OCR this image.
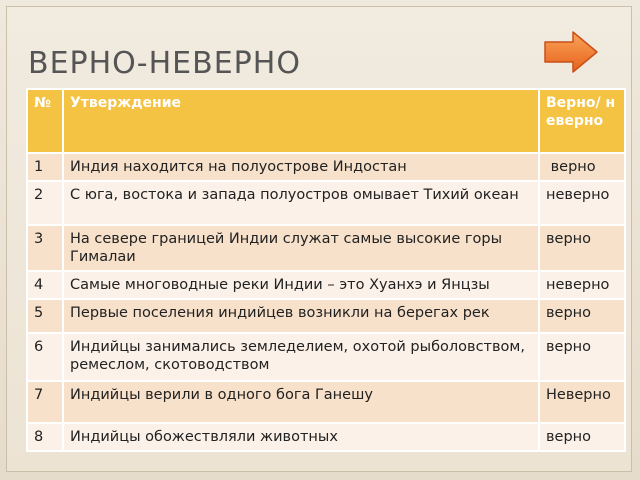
ВЕРНО-НЕВЕРНО
№	Утверждение	Верно/ неверно
1	Индия находится на полуострове Индостан	верно
2	С юга, востока и запада полуостров омывает Тихий океан	неверно
3	На севере границей Индии служат самые высокие горы Гималаи	верно
4	Самые многоводные реки Индии – это Хуанхэ и Янцзы	неверно
5	Первые поселения индийцев возникли на берегах рек	верно
6	Индийцы занимались земледелием, охотой рыболовством, ремеслом, скотоводством	верно
7	Индийцы верили в одного бога Ганешу	Неверно
8	Индийцы обожествляли животных	верно
